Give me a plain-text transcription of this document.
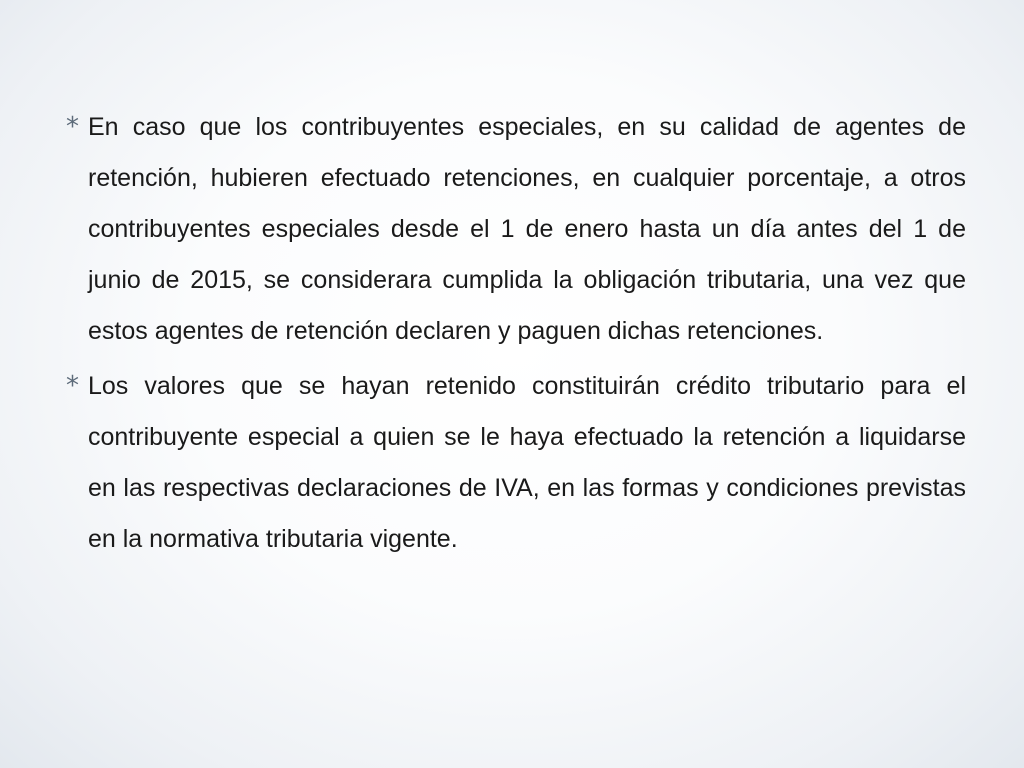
* En caso que los contribuyentes especiales, en su calidad de agentes de retención, hubieren efectuado retenciones, en cualquier porcentaje, a otros contribuyentes especiales desde el 1 de enero hasta un día antes del 1 de junio de 2015, se considerara cumplida la obligación tributaria, una vez que estos agentes de retención declaren y paguen dichas retenciones.
* Los valores que se hayan retenido constituirán crédito tributario para el contribuyente especial a quien se le haya efectuado la retención a liquidarse en las respectivas declaraciones de IVA, en las formas y condiciones previstas en la normativa tributaria vigente.
